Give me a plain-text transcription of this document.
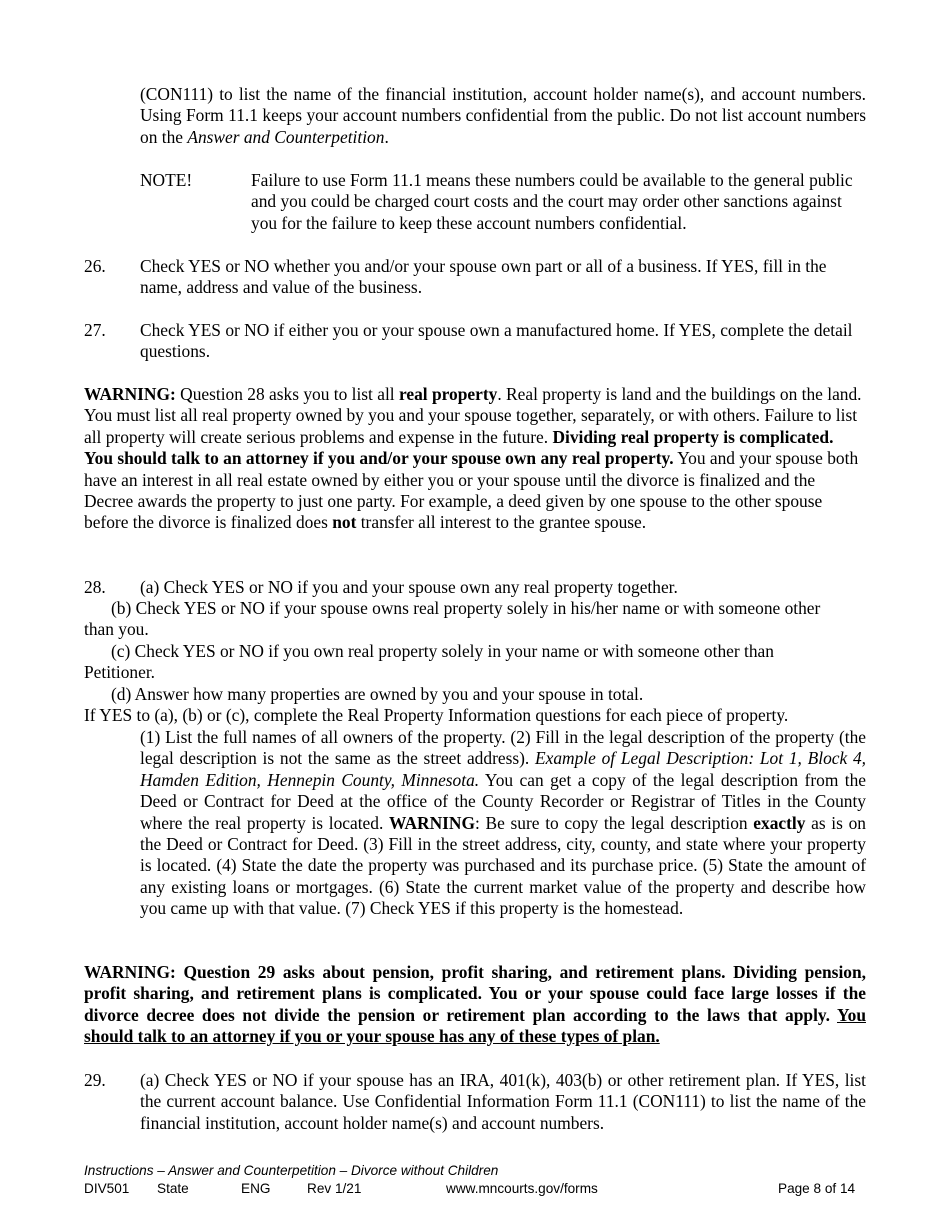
(CON111) to list the name of the financial institution, account holder name(s), and account numbers. Using Form 11.1 keeps your account numbers confidential from the public. Do not list account numbers on the Answer and Counterpetition.

NOTE!	Failure to use Form 11.1 means these numbers could be available to the general public and you could be charged court costs and the court may order other sanctions against you for the failure to keep these account numbers confidential.

26. Check YES or NO whether you and/or your spouse own part or all of a business. If YES, fill in the name, address and value of the business.

27. Check YES or NO if either you or your spouse own a manufactured home. If YES, complete the detail questions.

WARNING: Question 28 asks you to list all real property. Real property is land and the buildings on the land. You must list all real property owned by you and your spouse together, separately, or with others. Failure to list all property will create serious problems and expense in the future. Dividing real property is complicated. You should talk to an attorney if you and/or your spouse own any real property. You and your spouse both have an interest in all real estate owned by either you or your spouse until the divorce is finalized and the Decree awards the property to just one party. For example, a deed given by one spouse to the other spouse before the divorce is finalized does not transfer all interest to the grantee spouse.

28. (a) Check YES or NO if you and your spouse own any real property together.

(b) Check YES or NO if your spouse owns real property solely in his/her name or with someone other than you.

(c) Check YES or NO if you own real property solely in your name or with someone other than Petitioner.

(d) Answer how many properties are owned by you and your spouse in total.

If YES to (a), (b) or (c), complete the Real Property Information questions for each piece of property.

(1) List the full names of all owners of the property. (2) Fill in the legal description of the property (the legal description is not the same as the street address). Example of Legal Description: Lot 1, Block 4, Hamden Edition, Hennepin County, Minnesota. You can get a copy of the legal description from the Deed or Contract for Deed at the office of the County Recorder or Registrar of Titles in the County where the real property is located. WARNING: Be sure to copy the legal description exactly as is on the Deed or Contract for Deed. (3) Fill in the street address, city, county, and state where your property is located. (4) State the date the property was purchased and its purchase price. (5) State the amount of any existing loans or mortgages. (6) State the current market value of the property and describe how you came up with that value. (7) Check YES if this property is the homestead.

WARNING: Question 29 asks about pension, profit sharing, and retirement plans. Dividing pension, profit sharing, and retirement plans is complicated. You or your spouse could face large losses if the divorce decree does not divide the pension or retirement plan according to the laws that apply. You should talk to an attorney if you or your spouse has any of these types of plan.

29. (a) Check YES or NO if your spouse has an IRA, 401(k), 403(b) or other retirement plan. If YES, list the current account balance. Use Confidential Information Form 11.1 (CON111) to list the name of the financial institution, account holder name(s) and account numbers.

Instructions – Answer and Counterpetition – Divorce without Children
DIV501 State	ENG	Rev 1/21	www.mncourts.gov/forms	Page 8 of 14
